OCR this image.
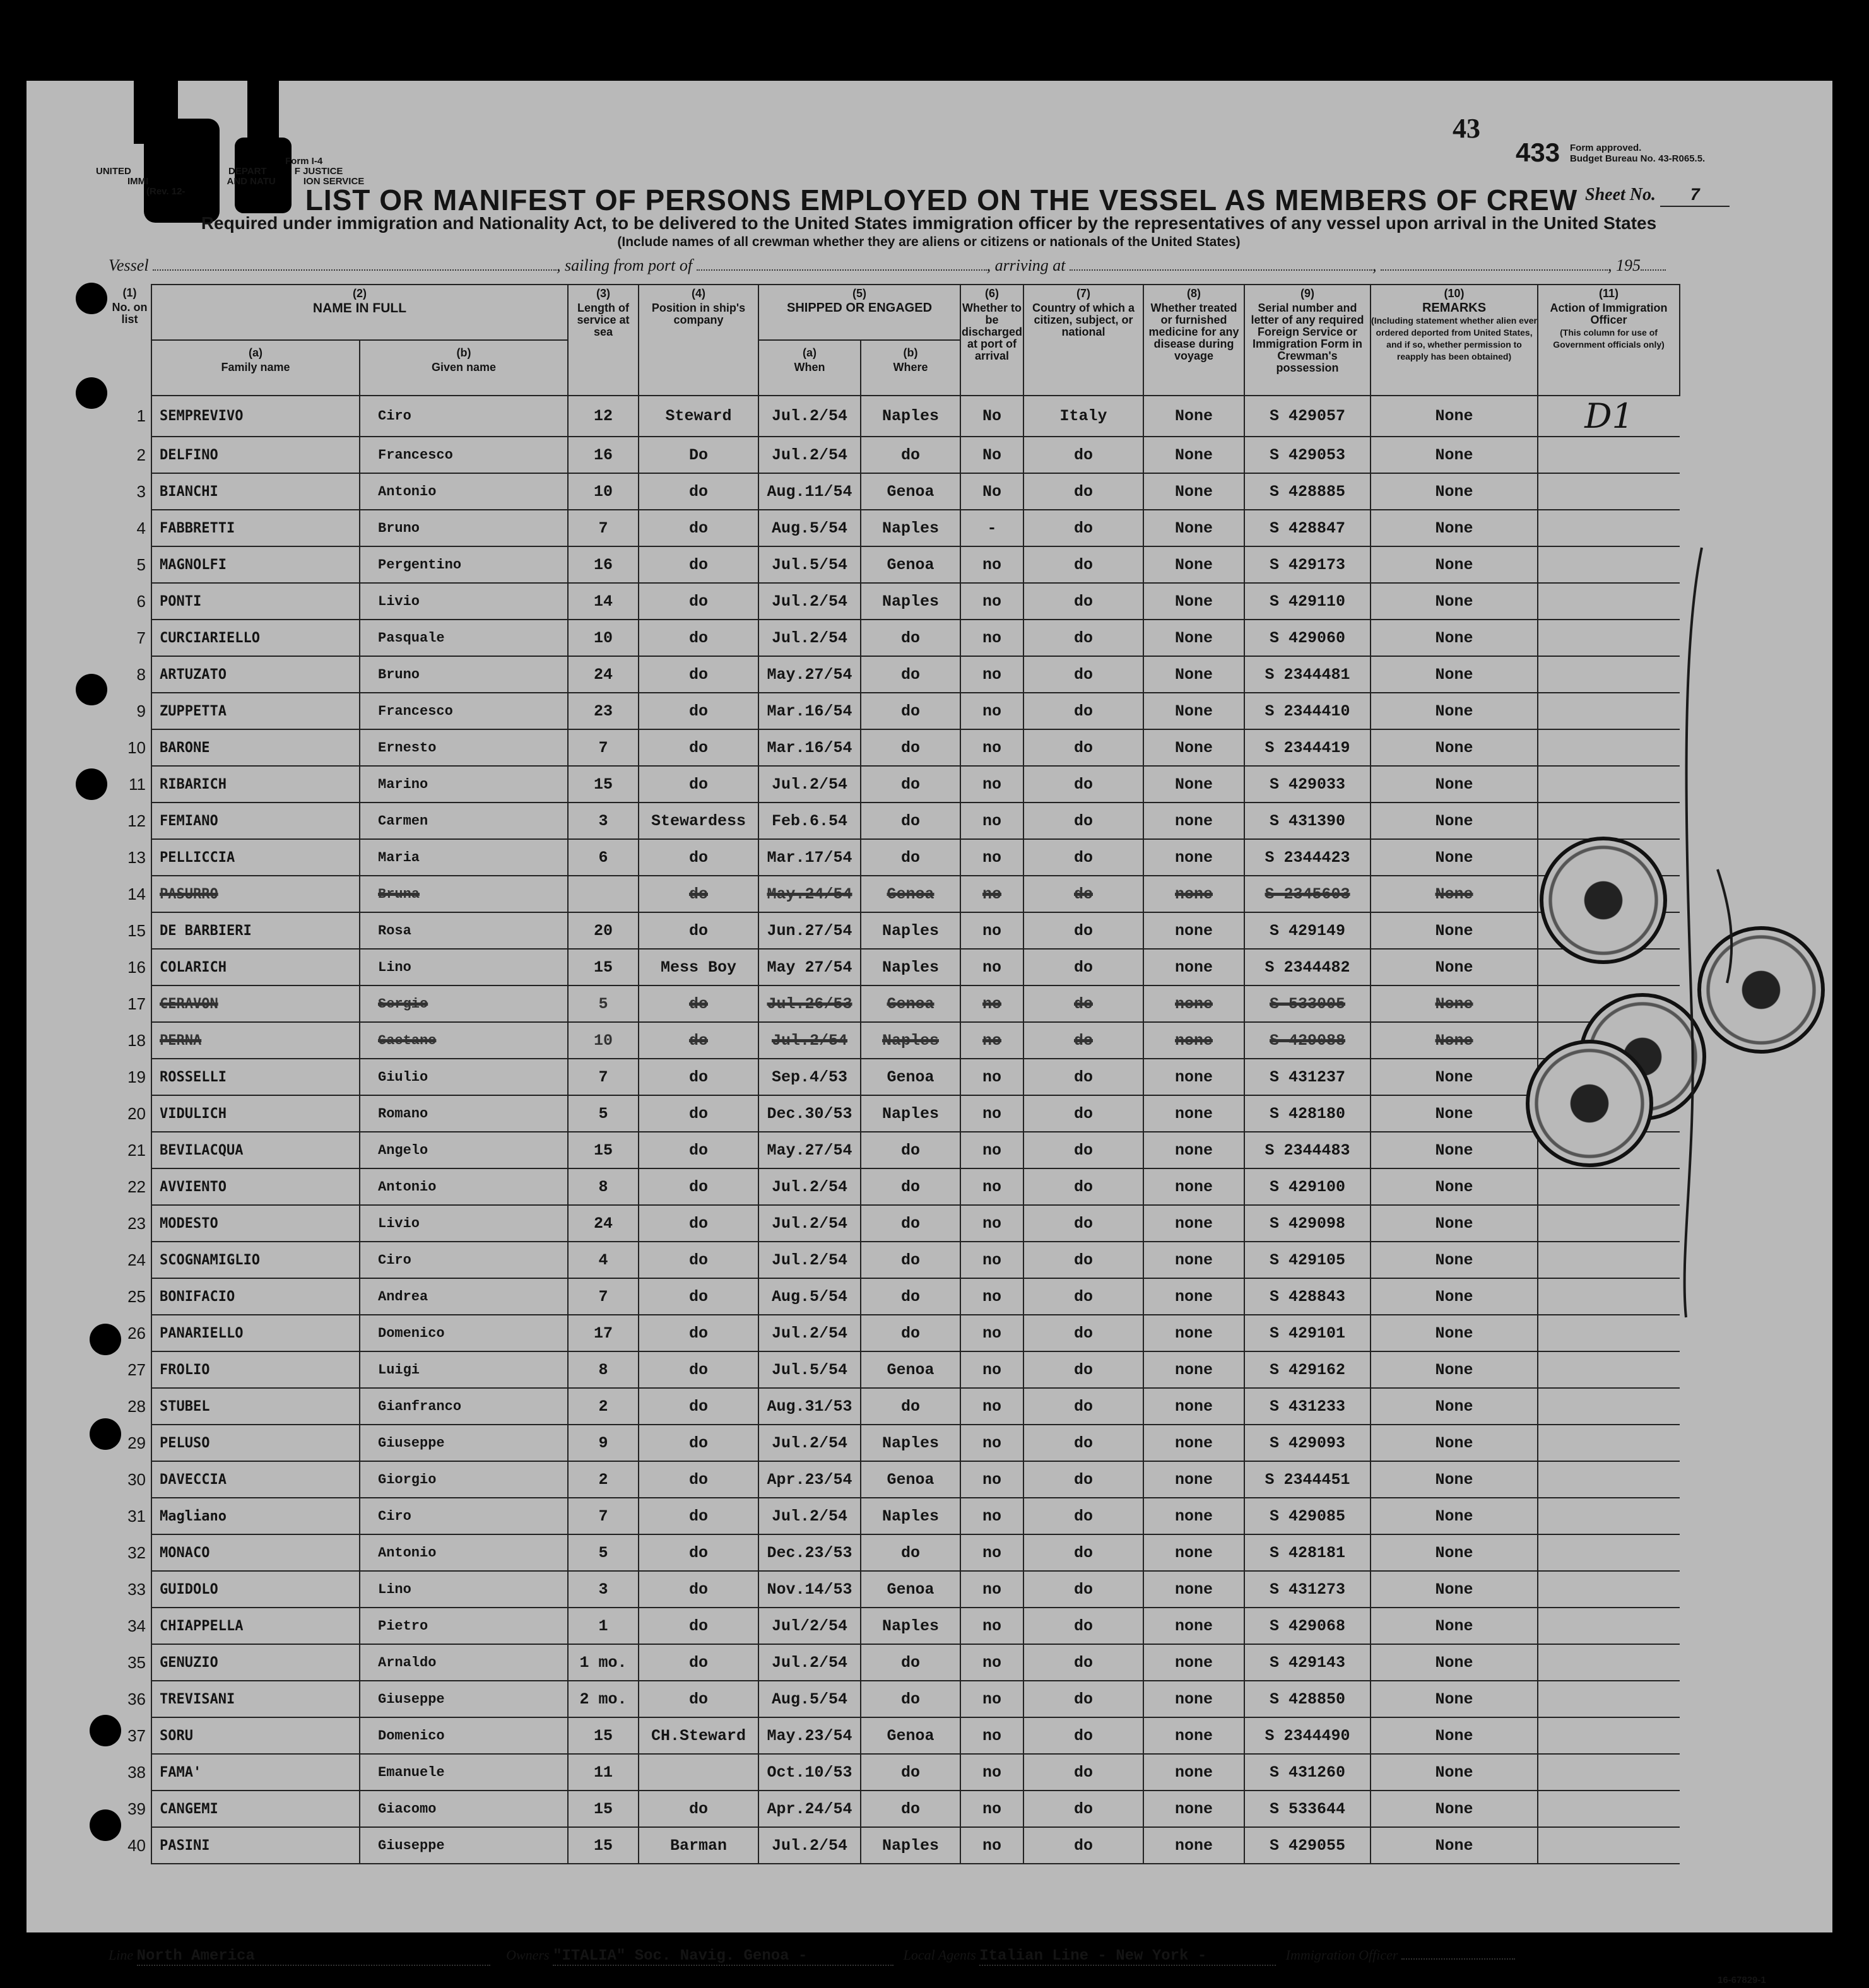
Form I-4
UNITED	DEPART	F JUSTICE
IMMI	AND NATU	ION SERVICE
(Rev. 12-
43
433 Form approved.
Budget Bureau No. 43-R065.5.
LIST OR MANIFEST OF PERSONS EMPLOYED ON THE VESSEL AS MEMBERS OF CREW Sheet No. 7
Required under immigration and Nationality Act, to be delivered to the United States immigration officer by the representatives of any vessel upon arrival in the United States
(Include names of all crewman whether they are aliens or citizens or nationals of the United States)
Vessel	, sailing from port of	, arriving at	,	, 195
(1)
No. on list	(2)
NAME IN FULL		(3)
Length of service at sea	(4)
Position in ship's company	(5)
SHIPPED OR ENGAGED		(6)
Whether to be discharged at port of arrival	(7)
Country of which a citizen, subject, or national	(8)
Whether treated or furnished medicine for any disease during voyage	(9)
Serial number and letter of any required Foreign Service or Immigration Form in Crewman's possession	(10)
REMARKS
(Including statement whether alien ever ordered deported from United States, and if so, whether permission to reapply has been obtained)	(11)
Action of Immigration Officer
(This column for use of Government officials only)

	(a)
Family name	(b)
Given name			(a)
When	(b)
Where						
1	SEMPREVIVO	Ciro	12	Steward	Jul.2/54	Naples	No	Italy	None	S 429057	None	D1
2	DELFINO	Francesco	16	Do	Jul.2/54	do	No	do	None	S 429053	None	
3	BIANCHI	Antonio	10	do	Aug.11/54	Genoa	No	do	None	S 428885	None	
4	FABBRETTI	Bruno	7	do	Aug.5/54	Naples	-	do	None	S 428847	None	
5	MAGNOLFI	Pergentino	16	do	Jul.5/54	Genoa	no	do	None	S 429173	None	
6	PONTI	Livio	14	do	Jul.2/54	Naples	no	do	None	S 429110	None	
7	CURCIARIELLO	Pasquale	10	do	Jul.2/54	do	no	do	None	S 429060	None	
8	ARTUZATO	Bruno	24	do	May.27/54	do	no	do	None	S 2344481	None	
9	ZUPPETTA	Francesco	23	do	Mar.16/54	do	no	do	None	S 2344410	None	
10	BARONE	Ernesto	7	do	Mar.16/54	do	no	do	None	S 2344419	None	
11	RIBARICH	Marino	15	do	Jul.2/54	do	no	do	None	S 429033	None	
12	FEMIANO	Carmen	3	Stewardess	Feb.6.54	do	no	do	none	S 431390	None	
13	PELLICCIA	Maria	6	do	Mar.17/54	do	no	do	none	S 2344423	None	
14	PASURRO	Bruna		do	May.24/54	Genoa	no	do	none	S 2345603	None	
15	DE BARBIERI	Rosa	20	do	Jun.27/54	Naples	no	do	none	S 429149	None	
16	COLARICH	Lino	15	Mess Boy	May 27/54	Naples	no	do	none	S 2344482	None	
17	CERAVON	Sergio	5	do	Jul.26/53	Genoa	no	do	none	S 533005	None	
18	PERNA	Gaetano	10	do	Jul.2/54	Naples	no	do	none	S 429088	None	
19	ROSSELLI	Giulio	7	do	Sep.4/53	Genoa	no	do	none	S 431237	None	
20	VIDULICH	Romano	5	do	Dec.30/53	Naples	no	do	none	S 428180	None	
21	BEVILACQUA	Angelo	15	do	May.27/54	do	no	do	none	S 2344483	None	
22	AVVIENTO	Antonio	8	do	Jul.2/54	do	no	do	none	S 429100	None	
23	MODESTO	Livio	24	do	Jul.2/54	do	no	do	none	S 429098	None	
24	SCOGNAMIGLIO	Ciro	4	do	Jul.2/54	do	no	do	none	S 429105	None	
25	BONIFACIO	Andrea	7	do	Aug.5/54	do	no	do	none	S 428843	None	
26	PANARIELLO	Domenico	17	do	Jul.2/54	do	no	do	none	S 429101	None	
27	FROLIO	Luigi	8	do	Jul.5/54	Genoa	no	do	none	S 429162	None	
28	STUBEL	Gianfranco	2	do	Aug.31/53	do	no	do	none	S 431233	None	
29	PELUSO	Giuseppe	9	do	Jul.2/54	Naples	no	do	none	S 429093	None	
30	DAVECCIA	Giorgio	2	do	Apr.23/54	Genoa	no	do	none	S 2344451	None	
31	Magliano	Ciro	7	do	Jul.2/54	Naples	no	do	none	S 429085	None	
32	MONACO	Antonio	5	do	Dec.23/53	do	no	do	none	S 428181	None	
33	GUIDOLO	Lino	3	do	Nov.14/53	Genoa	no	do	none	S 431273	None	
34	CHIAPPELLA	Pietro	1	do	Jul/2/54	Naples	no	do	none	S 429068	None	
35	GENUZIO	Arnaldo	1 mo.	do	Jul.2/54	do	no	do	none	S 429143	None	
36	TREVISANI	Giuseppe	2 mo.	do	Aug.5/54	do	no	do	none	S 428850	None	
37	SORU	Domenico	15	CH.Steward	May.23/54	Genoa	no	do	none	S 2344490	None	
38	FAMA'	Emanuele	11		Oct.10/53	do	no	do	none	S 431260	None	
39	CANGEMI	Giacomo	15	do	Apr.24/54	do	no	do	none	S 533644	None	
40	PASINI	Giuseppe	15	Barman	Jul.2/54	Naples	no	do	none	S 429055	None	
Line North America	Owners "ITALIA" Soc. Navig. Genoa -	Local Agents Italian Line - New York -	Immigration Officer
16-67829-1
